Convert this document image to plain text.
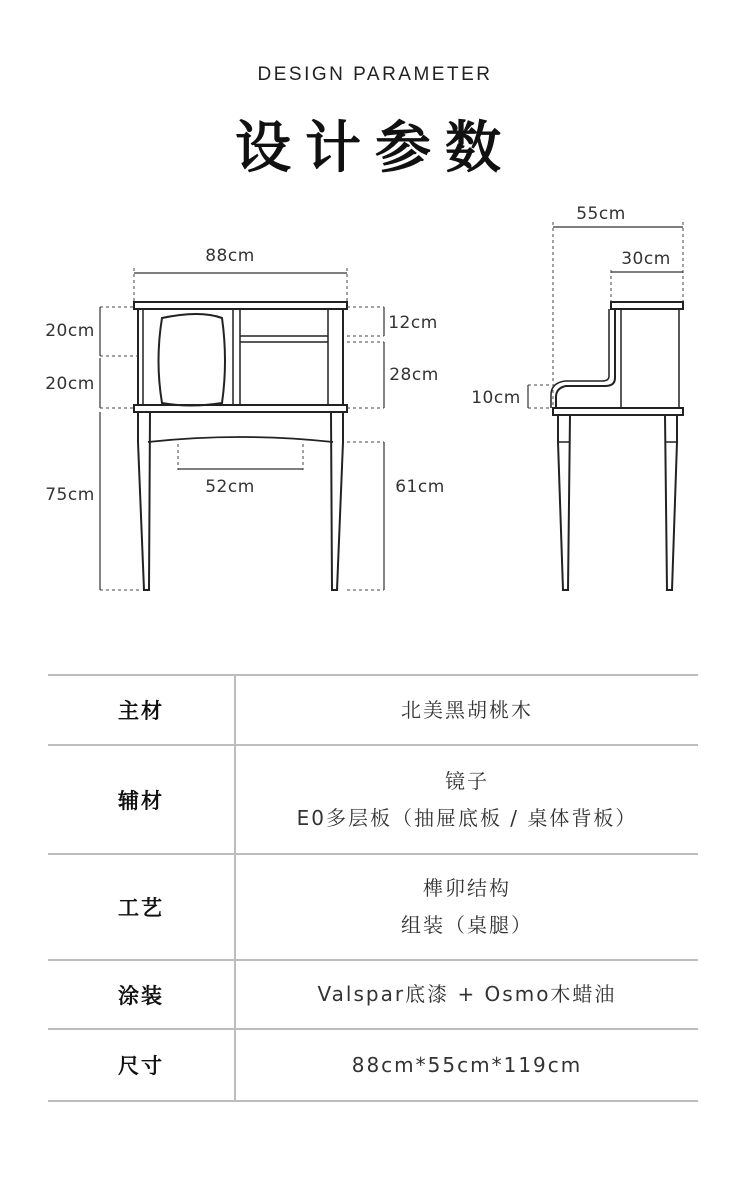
DESIGN PARAMETER
设计参数
88cm
20cm
20cm
75cm
12cm
28cm
52cm	61cm
55cm
30cm
10cm
主材	北美黑胡桃木

辅材	镜子
E0多层板（抽屉底板 / 桌体背板）

工艺	榫卯结构
组装（桌腿）

涂装	Valspar底漆 + Osmo木蜡油

尺寸	88cm*55cm*119cm
